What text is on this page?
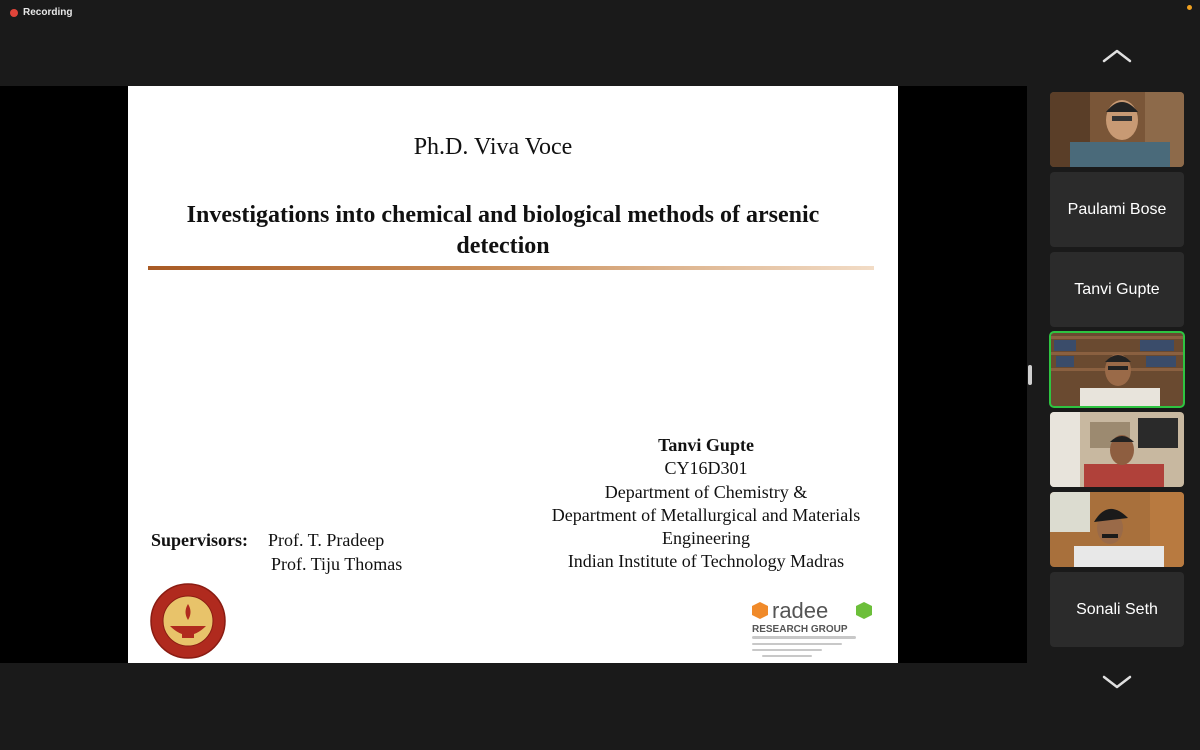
Recording
Ph.D. Viva Voce
Investigations into chemical and biological methods of arsenic
detection
Tanvi Gupte
CY16D301
Department of Chemistry &
Department of Metallurgical and Materials
Engineering
Indian Institute of Technology Madras
Supervisors: Prof. T. Pradeep
Prof. Tiju Thomas
radee
RESEARCH GROUP
Paulami Bose
Tanvi Gupte
Sonali Seth
